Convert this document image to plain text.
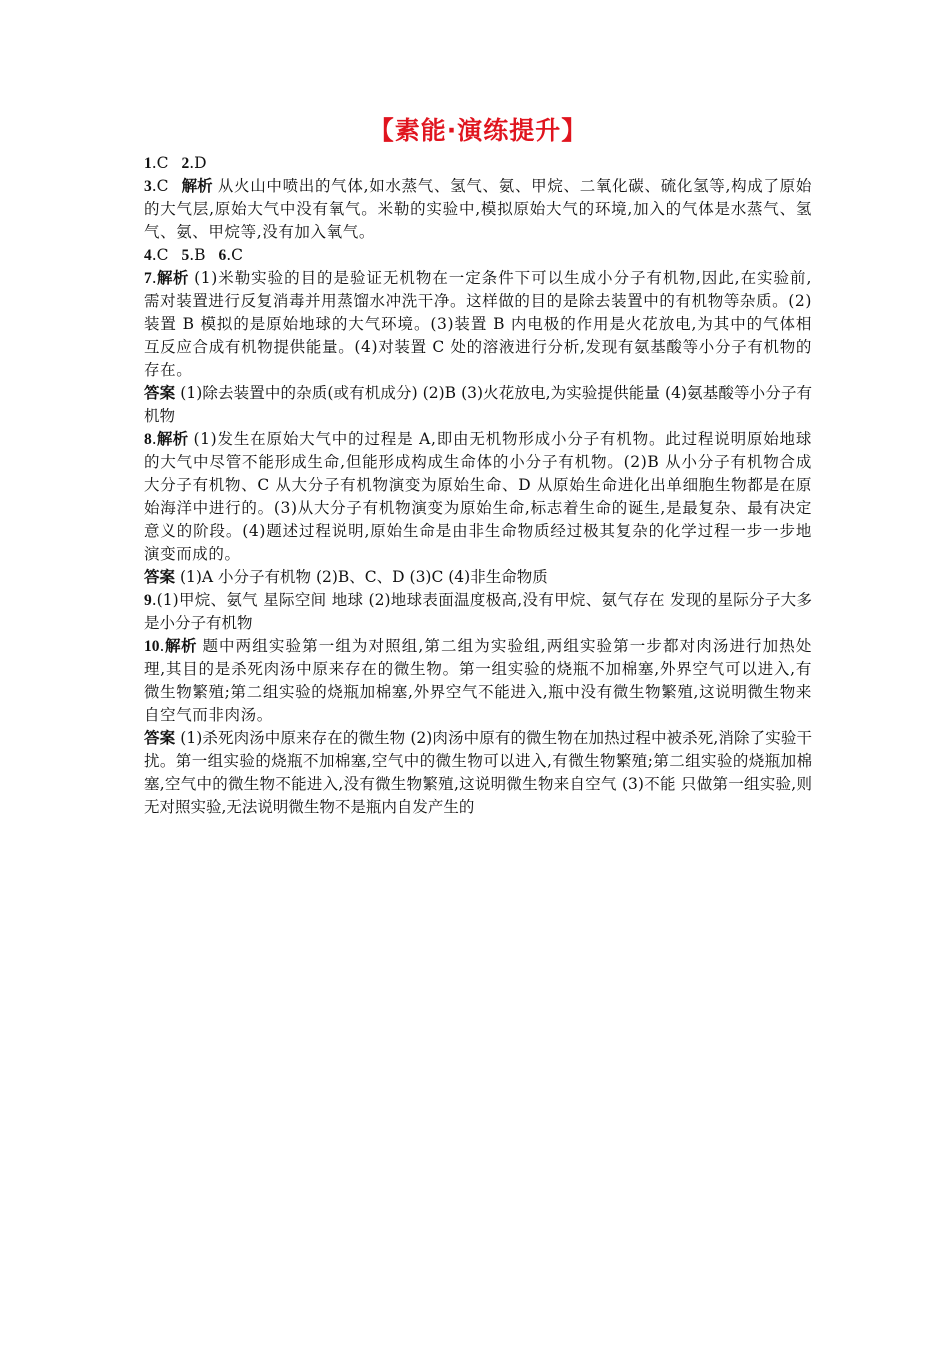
【素能·演练提升】

1.C 2.D

3.C 解析 从火山中喷出的气体,如水蒸气、氢气、氨、甲烷、二氧化碳、硫化氢等,构成了原始的大气层,原始大气中没有氧气。米勒的实验中,模拟原始大气的环境,加入的气体是水蒸气、氢气、氨、甲烷等,没有加入氧气。

4.C 5.B 6.C

7.解析 (1)米勒实验的目的是验证无机物在一定条件下可以生成小分子有机物,因此,在实验前,需对装置进行反复消毒并用蒸馏水冲洗干净。这样做的目的是除去装置中的有机物等杂质。(2)装置 B 模拟的是原始地球的大气环境。(3)装置 B 内电极的作用是火花放电,为其中的气体相互反应合成有机物提供能量。(4)对装置 C 处的溶液进行分析,发现有氨基酸等小分子有机物的存在。

答案 (1)除去装置中的杂质(或有机成分) (2)B (3)火花放电,为实验提供能量 (4)氨基酸等小分子有机物

8.解析 (1)发生在原始大气中的过程是 A,即由无机物形成小分子有机物。此过程说明原始地球的大气中尽管不能形成生命,但能形成构成生命体的小分子有机物。(2)B 从小分子有机物合成大分子有机物、C 从大分子有机物演变为原始生命、D 从原始生命进化出单细胞生物都是在原始海洋中进行的。(3)从大分子有机物演变为原始生命,标志着生命的诞生,是最复杂、最有决定意义的阶段。(4)题述过程说明,原始生命是由非生命物质经过极其复杂的化学过程一步一步地演变而成的。

答案 (1)A 小分子有机物 (2)B、C、D (3)C (4)非生命物质

9.(1)甲烷、氨气 星际空间 地球 (2)地球表面温度极高,没有甲烷、氨气存在 发现的星际分子大多是小分子有机物

10.解析 题中两组实验第一组为对照组,第二组为实验组,两组实验第一步都对肉汤进行加热处理,其目的是杀死肉汤中原来存在的微生物。第一组实验的烧瓶不加棉塞,外界空气可以进入,有微生物繁殖;第二组实验的烧瓶加棉塞,外界空气不能进入,瓶中没有微生物繁殖,这说明微生物来自空气而非肉汤。

答案 (1)杀死肉汤中原来存在的微生物 (2)肉汤中原有的微生物在加热过程中被杀死,消除了实验干扰。第一组实验的烧瓶不加棉塞,空气中的微生物可以进入,有微生物繁殖;第二组实验的烧瓶加棉塞,空气中的微生物不能进入,没有微生物繁殖,这说明微生物来自空气 (3)不能 只做第一组实验,则无对照实验,无法说明微生物不是瓶内自发产生的
